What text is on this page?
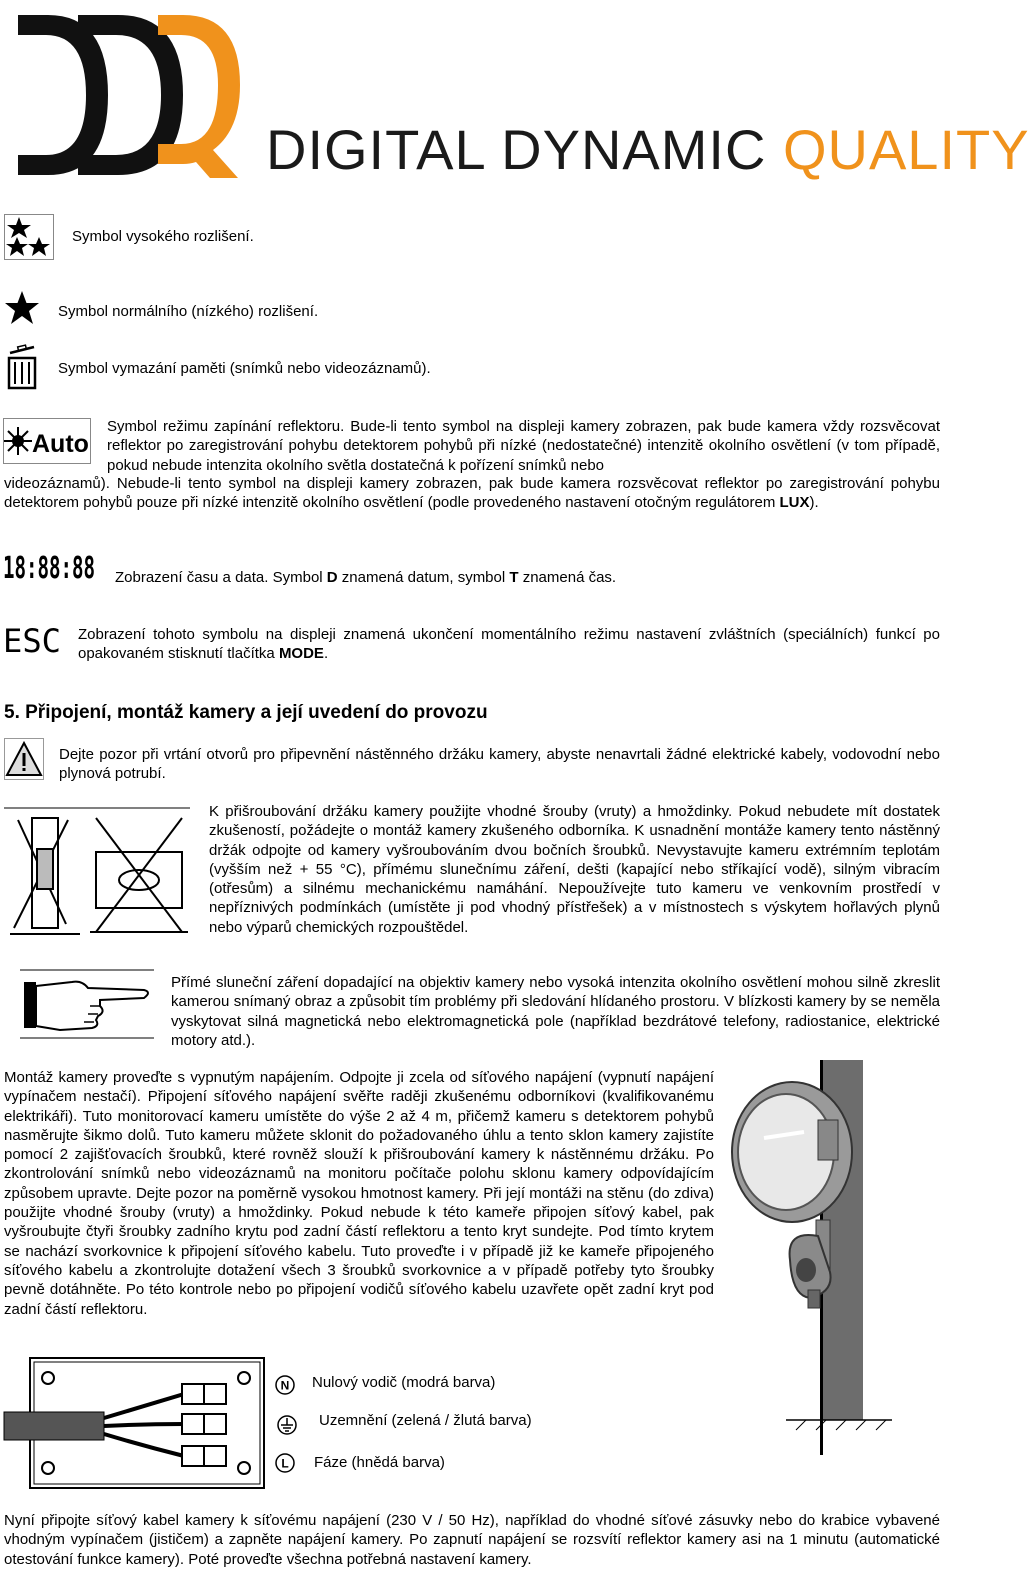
DIGITAL DYNAMIC QUALITY
Symbol vysokého rozlišení.
Symbol normálního (nízkého) rozlišení.
Symbol vymazání paměti (snímků nebo videozáznamů).
Auto
Symbol režimu zapínání reflektoru. Bude-li tento symbol na displeji kamery zobrazen, pak bude kamera vždy rozsvěcovat reflektor po zaregistrování pohybu detektorem pohybů při nízké (nedostatečné) intenzitě okolního osvětlení (v tom případě, pokud nebude intenzita okolního světla dostatečná k pořízení snímků nebo
videozáznamů). Nebude-li tento symbol na displeji kamery zobrazen, pak bude kamera rozsvěcovat reflektor po zaregistrování pohybu detektorem pohybů pouze při nízké intenzitě okolního osvětlení (podle provedeného nastavení otočným regulátorem LUX).
18:88:88 Zobrazení času a data. Symbol D znamená datum, symbol T znamená čas.
ESC Zobrazení tohoto symbolu na displeji znamená ukončení momentálního režimu nastavení zvláštních (speciálních) funkcí po opakovaném stisknutí tlačítka MODE.
5. Připojení, montáž kamery a její uvedení do provozu
Dejte pozor při vrtání otvorů pro připevnění nástěnného držáku kamery, abyste nenavrtali žádné elektrické kabely, vodovodní nebo plynová potrubí.
K přišroubování držáku kamery použijte vhodné šrouby (vruty) a hmoždinky. Pokud nebudete mít dostatek zkušeností, požádejte o montáž kamery zkušeného odborníka. K usnadnění montáže kamery tento nástěnný držák odpojte od kamery vyšroubováním dvou bočních šroubků. Nevystavujte kameru extrémním teplotám (vyšším než + 55 °C), přímému slunečnímu záření, dešti (kapající nebo stříkající vodě), silným vibracím (otřesům) a silnému mechanickému namáhání. Nepoužívejte tuto kameru ve venkovním prostředí v nepříznivých podmínkách (umístěte ji pod vhodný přístřešek) a v místnostech s výskytem hořlavých plynů nebo výparů chemických rozpouštědel.
Přímé sluneční záření dopadající na objektiv kamery nebo vysoká intenzita okolního osvětlení mohou silně zkreslit kamerou snímaný obraz a způsobit tím problémy při sledování hlídaného prostoru. V blízkosti kamery by se neměla vyskytovat silná magnetická nebo elektromagnetická pole (například bezdrátové telefony, radiostanice, elektrické motory atd.).
Montáž kamery proveďte s vypnutým napájením. Odpojte ji zcela od síťového napájení (vypnutí napájení vypínačem nestačí). Připojení síťového napájení svěřte raději zkušenému odborníkovi (kvalifikovanému elektrikáři). Tuto monitorovací kameru umístěte do výše 2 až 4 m, přičemž kameru s detektorem pohybů nasměrujte šikmo dolů. Tuto kameru můžete sklonit do požadovaného úhlu a tento sklon kamery zajistíte pomocí 2 zajišťovacích šroubků, které rovněž slouží k přišroubování kamery k nástěnnému držáku. Po zkontrolování snímků nebo videozáznamů na monitoru počítače polohu sklonu kamery odpovídajícím způsobem upravte. Dejte pozor na poměrně vysokou hmotnost kamery. Při její montáži na stěnu (do zdiva) použijte vhodné šrouby (vruty) a hmoždinky. Pokud nebude k této kameře připojen síťový kabel, pak vyšroubujte čtyři šroubky zadního krytu pod zadní částí reflektoru a tento kryt sundejte. Pod tímto krytem se nachází svorkovnice k připojení síťového kabelu. Tuto proveďte i v případě již ke kameře připojeného síťového kabelu a zkontrolujte dotažení všech 3 šroubků svorkovnice a v případě potřeby tyto šroubky pevně dotáhněte. Po této kontrole nebo po připojení vodičů síťového kabelu uzavřete opět zadní kryt pod zadní částí reflektoru.
N Nulový vodič (modrá barva)
Uzemnění (zelená / žlutá barva)
L Fáze (hnědá barva)
Nyní připojte síťový kabel kamery k síťovému napájení (230 V / 50 Hz), například do vhodné síťové zásuvky nebo do krabice vybavené vhodným vypínačem (jističem) a zapněte napájení kamery. Po zapnutí napájení se rozsvítí reflektor kamery asi na 1 minutu (automatické otestování funkce kamery). Poté proveďte všechna potřebná nastavení kamery.
